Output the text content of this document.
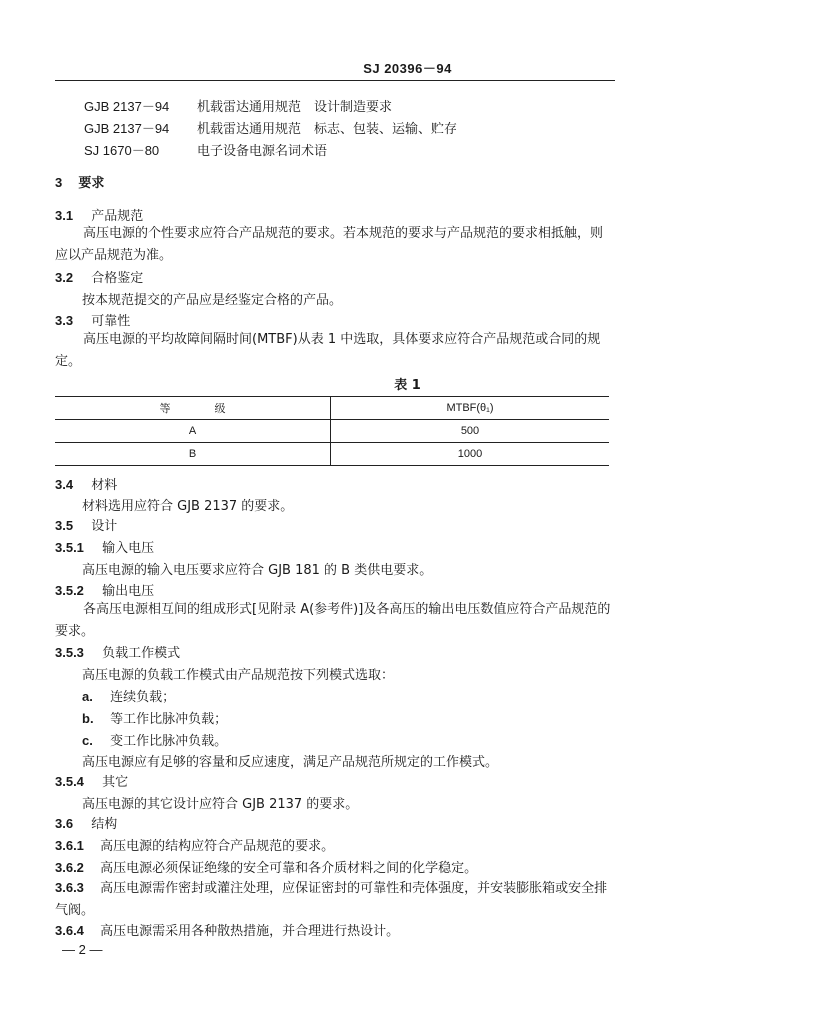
SJ 20396－94
GJB 2137－94 机载雷达通用规范　设计制造要求
GJB 2137－94 机载雷达通用规范　标志、包装、运输、贮存
SJ 1670－80	电子设备电源名词术语
3 要求
3.1 产品规范
高压电源的个性要求应符合产品规范的要求。若本规范的要求与产品规范的要求相抵触，则应以产品规范为准。
3.2 合格鉴定
按本规范提交的产品应是经鉴定合格的产品。
3.3 可靠性
高压电源的平均故障间隔时间(MTBF)从表 1 中选取，具体要求应符合产品规范或合同的规定。
表 1
等　　　　级	MTBF(θ₁)
A	500
B	1000
3.4 材料
材料选用应符合 GJB 2137 的要求。
3.5 设计
3.5.1 输入电压
高压电源的输入电压要求应符合 GJB 181 的 B 类供电要求。
3.5.2 输出电压
各高压电源相互间的组成形式[见附录 A(参考件)]及各高压的输出电压数值应符合产品规范的要求。
3.5.3 负载工作模式
高压电源的负载工作模式由产品规范按下列模式选取：
a. 连续负载；
b. 等工作比脉冲负载；
c. 变工作比脉冲负载。
高压电源应有足够的容量和反应速度，满足产品规范所规定的工作模式。
3.5.4 其它
高压电源的其它设计应符合 GJB 2137 的要求。
3.6 结构
3.6.1 高压电源的结构应符合产品规范的要求。
3.6.2 高压电源必须保证绝缘的安全可靠和各介质材料之间的化学稳定。
3.6.3 高压电源需作密封或灌注处理，应保证密封的可靠性和壳体强度，并安装膨胀箱或安全排气阀。
3.6.4 高压电源需采用各种散热措施，并合理进行热设计。
— 2 —
